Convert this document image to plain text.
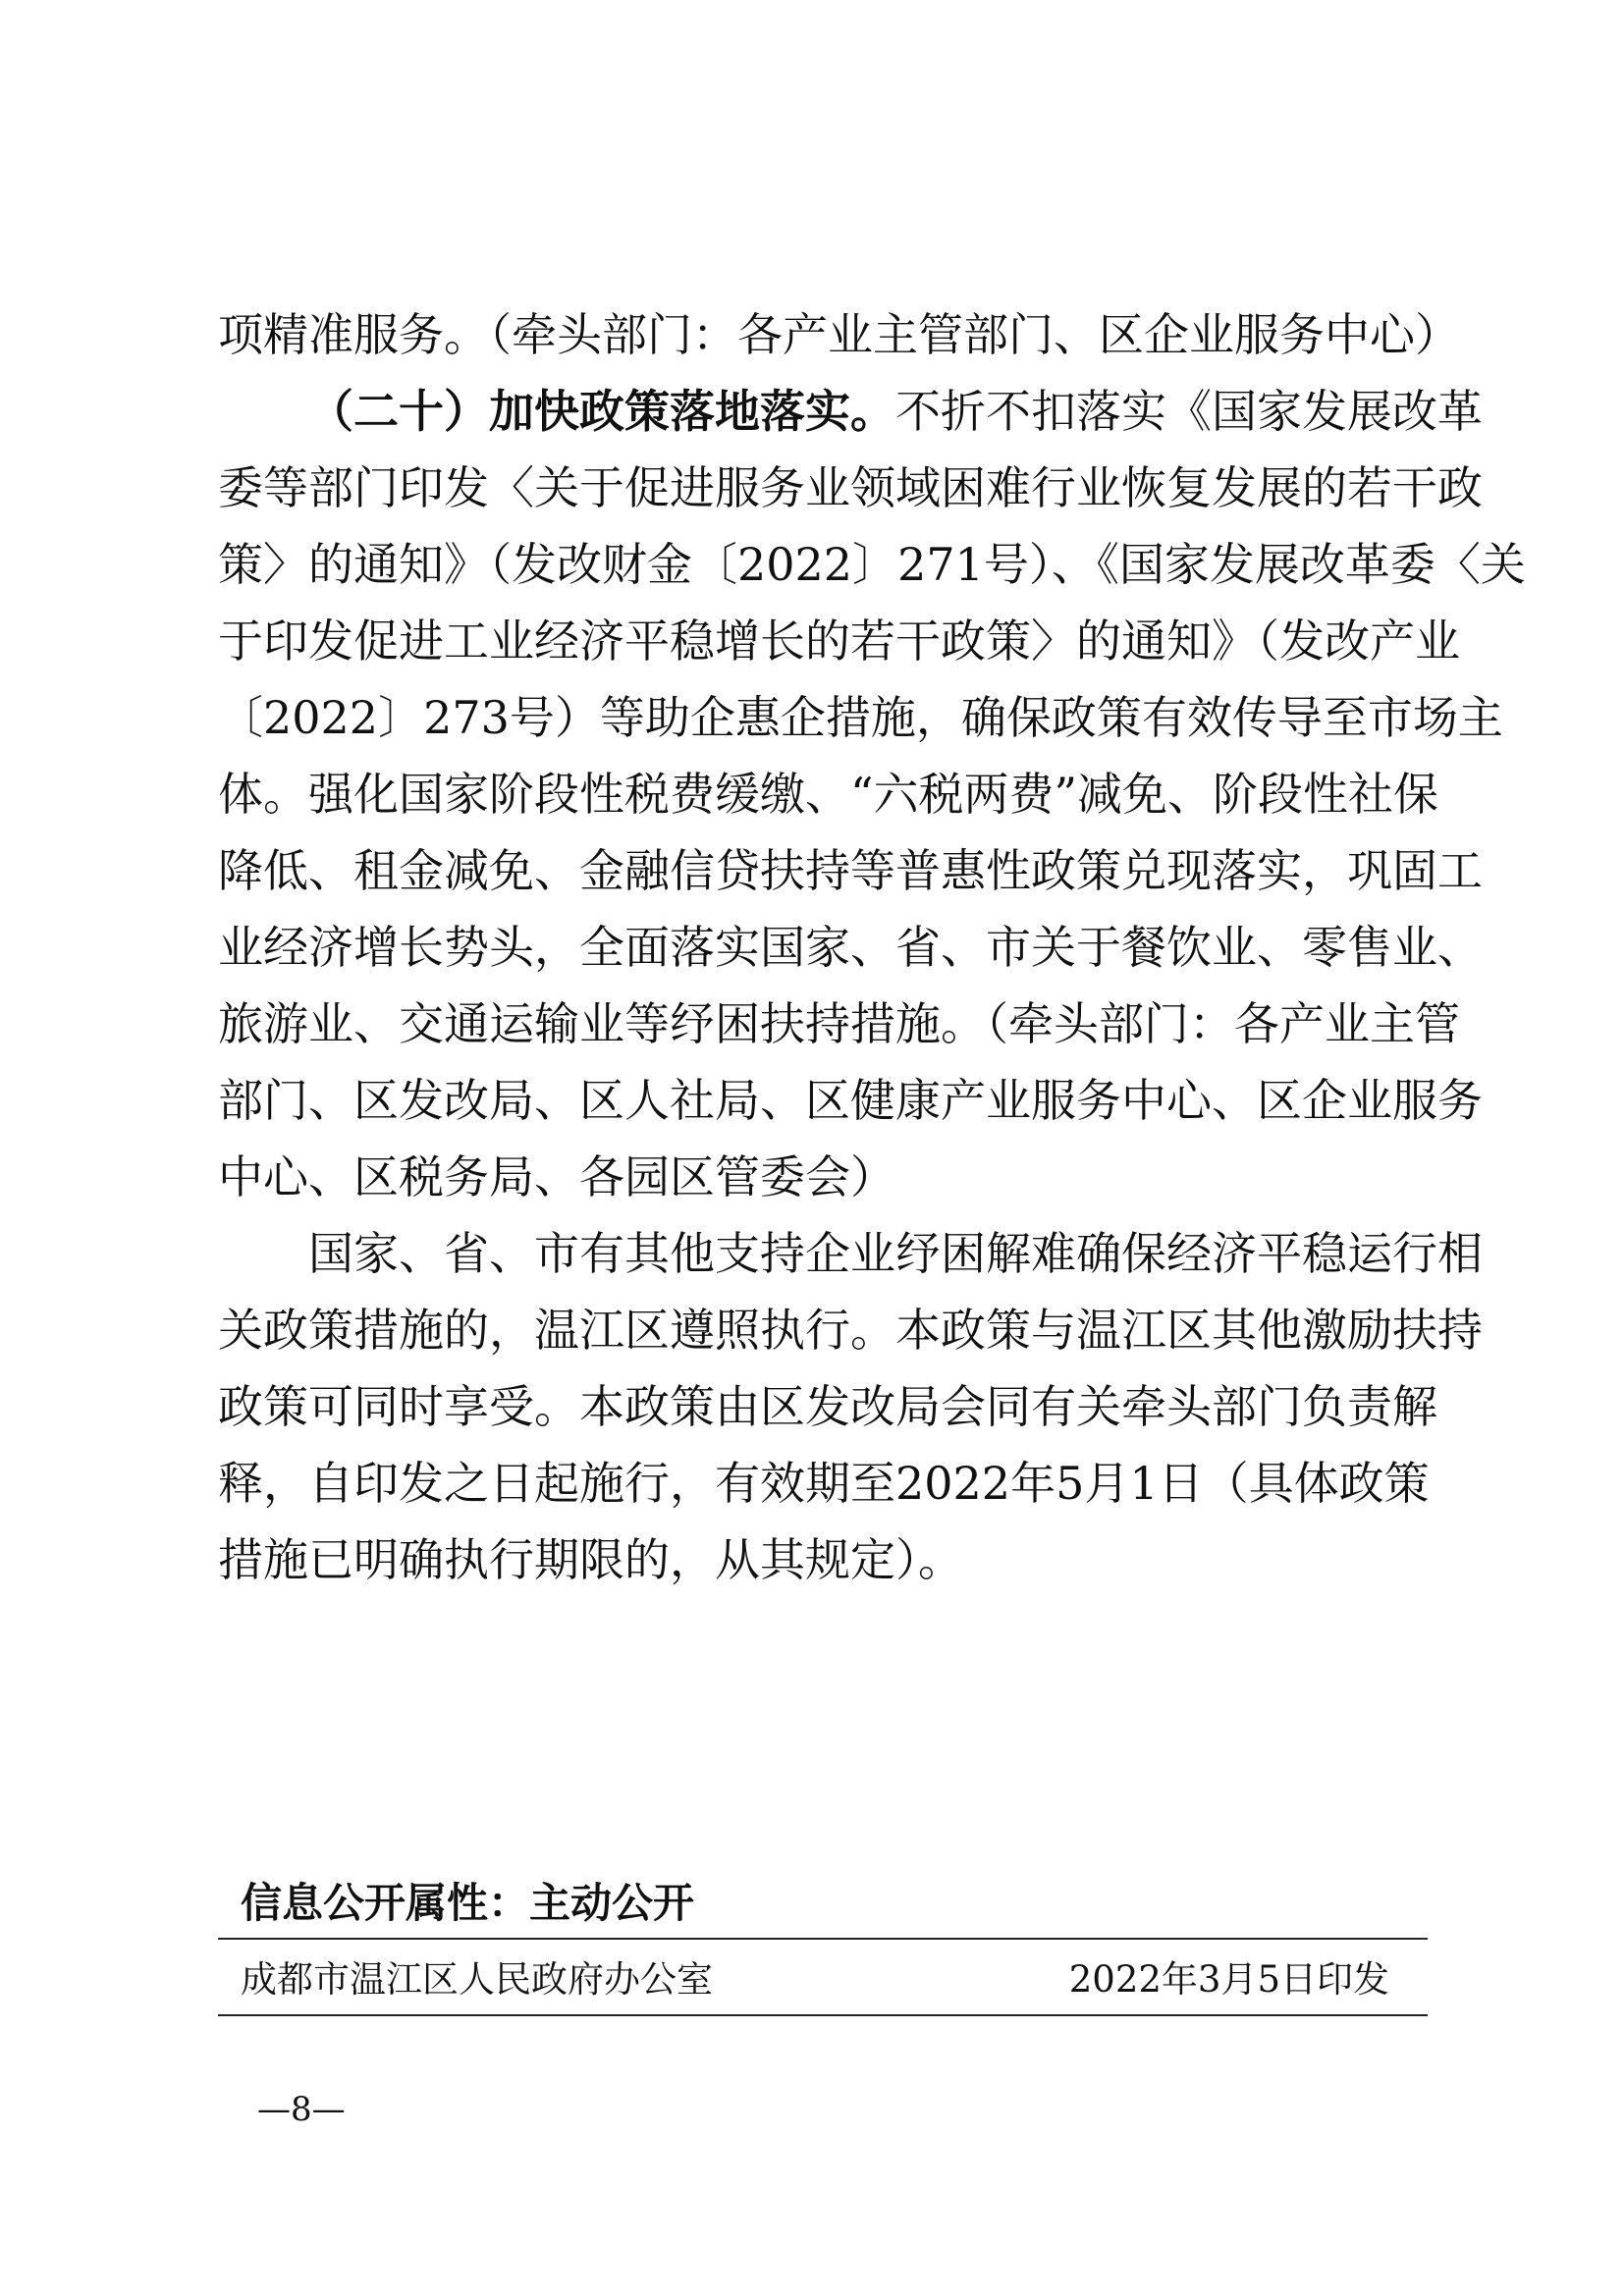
项精准服务。（牵头部门：各产业主管部门、区企业服务中心）
（二十）加快政策落地落实。不折不扣落实《国家发展改革
委等部门印发〈关于促进服务业领域困难行业恢复发展的若干政
策〉的通知》（发改财金〔2022〕271号）、《国家发展改革委〈关
于印发促进工业经济平稳增长的若干政策〉的通知》（发改产业
〔2022〕273号）等助企惠企措施，确保政策有效传导至市场主
体。强化国家阶段性税费缓缴、“六税两费”减免、阶段性社保
降低、租金减免、金融信贷扶持等普惠性政策兑现落实，巩固工
业经济增长势头，全面落实国家、省、市关于餐饮业、零售业、
旅游业、交通运输业等纾困扶持措施。（牵头部门：各产业主管
部门、区发改局、区人社局、区健康产业服务中心、区企业服务
中心、区税务局、各园区管委会）
国家、省、市有其他支持企业纾困解难确保经济平稳运行相
关政策措施的，温江区遵照执行。本政策与温江区其他激励扶持
政策可同时享受。本政策由区发改局会同有关牵头部门负责解
释，自印发之日起施行，有效期至2022年5月1日（具体政策
措施已明确执行期限的，从其规定）。
信息公开属性：主动公开
成都市温江区人民政府办公室	2022年3月5日印发
—8—
